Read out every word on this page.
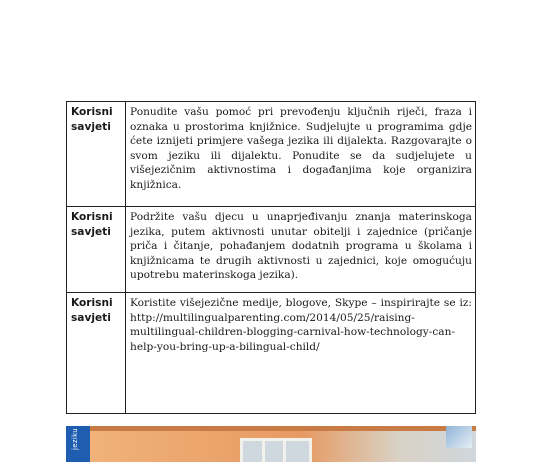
Korisni savjeti	Ponudite vašu pomoć pri prevođenju ključnih riječi, fraza i oznaka u prostorima knjižnice. Sudjelujte u programima gdje ćete iznijeti primjere vašega jezika ili dijalekta. Razgovarajte o svom jeziku ili dijalektu. Ponudite se da sudjelujete u višejezičnim aktivnostima i događanjima koje organizira knjižnica.
Korisni savjeti	Podržite vašu djecu u unaprjeđivanju znanja materinskoga jezika, putem aktivnosti unutar obitelji i zajednice (pričanje priča i čitanje, pohađanjem dodatnih programa u školama i knjižnicama te drugih aktivnosti u zajednici, koje omogućuju upotrebu materinskoga jezika).
Korisni savjeti	Koristite višejezične medije, blogove, Skype – inspirirajte se iz: http://multilingualparenting.com/2014/05/25/raising-multilingual-children-blogging-carnival-how-technology-can-help-you-bring-up-a-bilingual-child/
jeziku
